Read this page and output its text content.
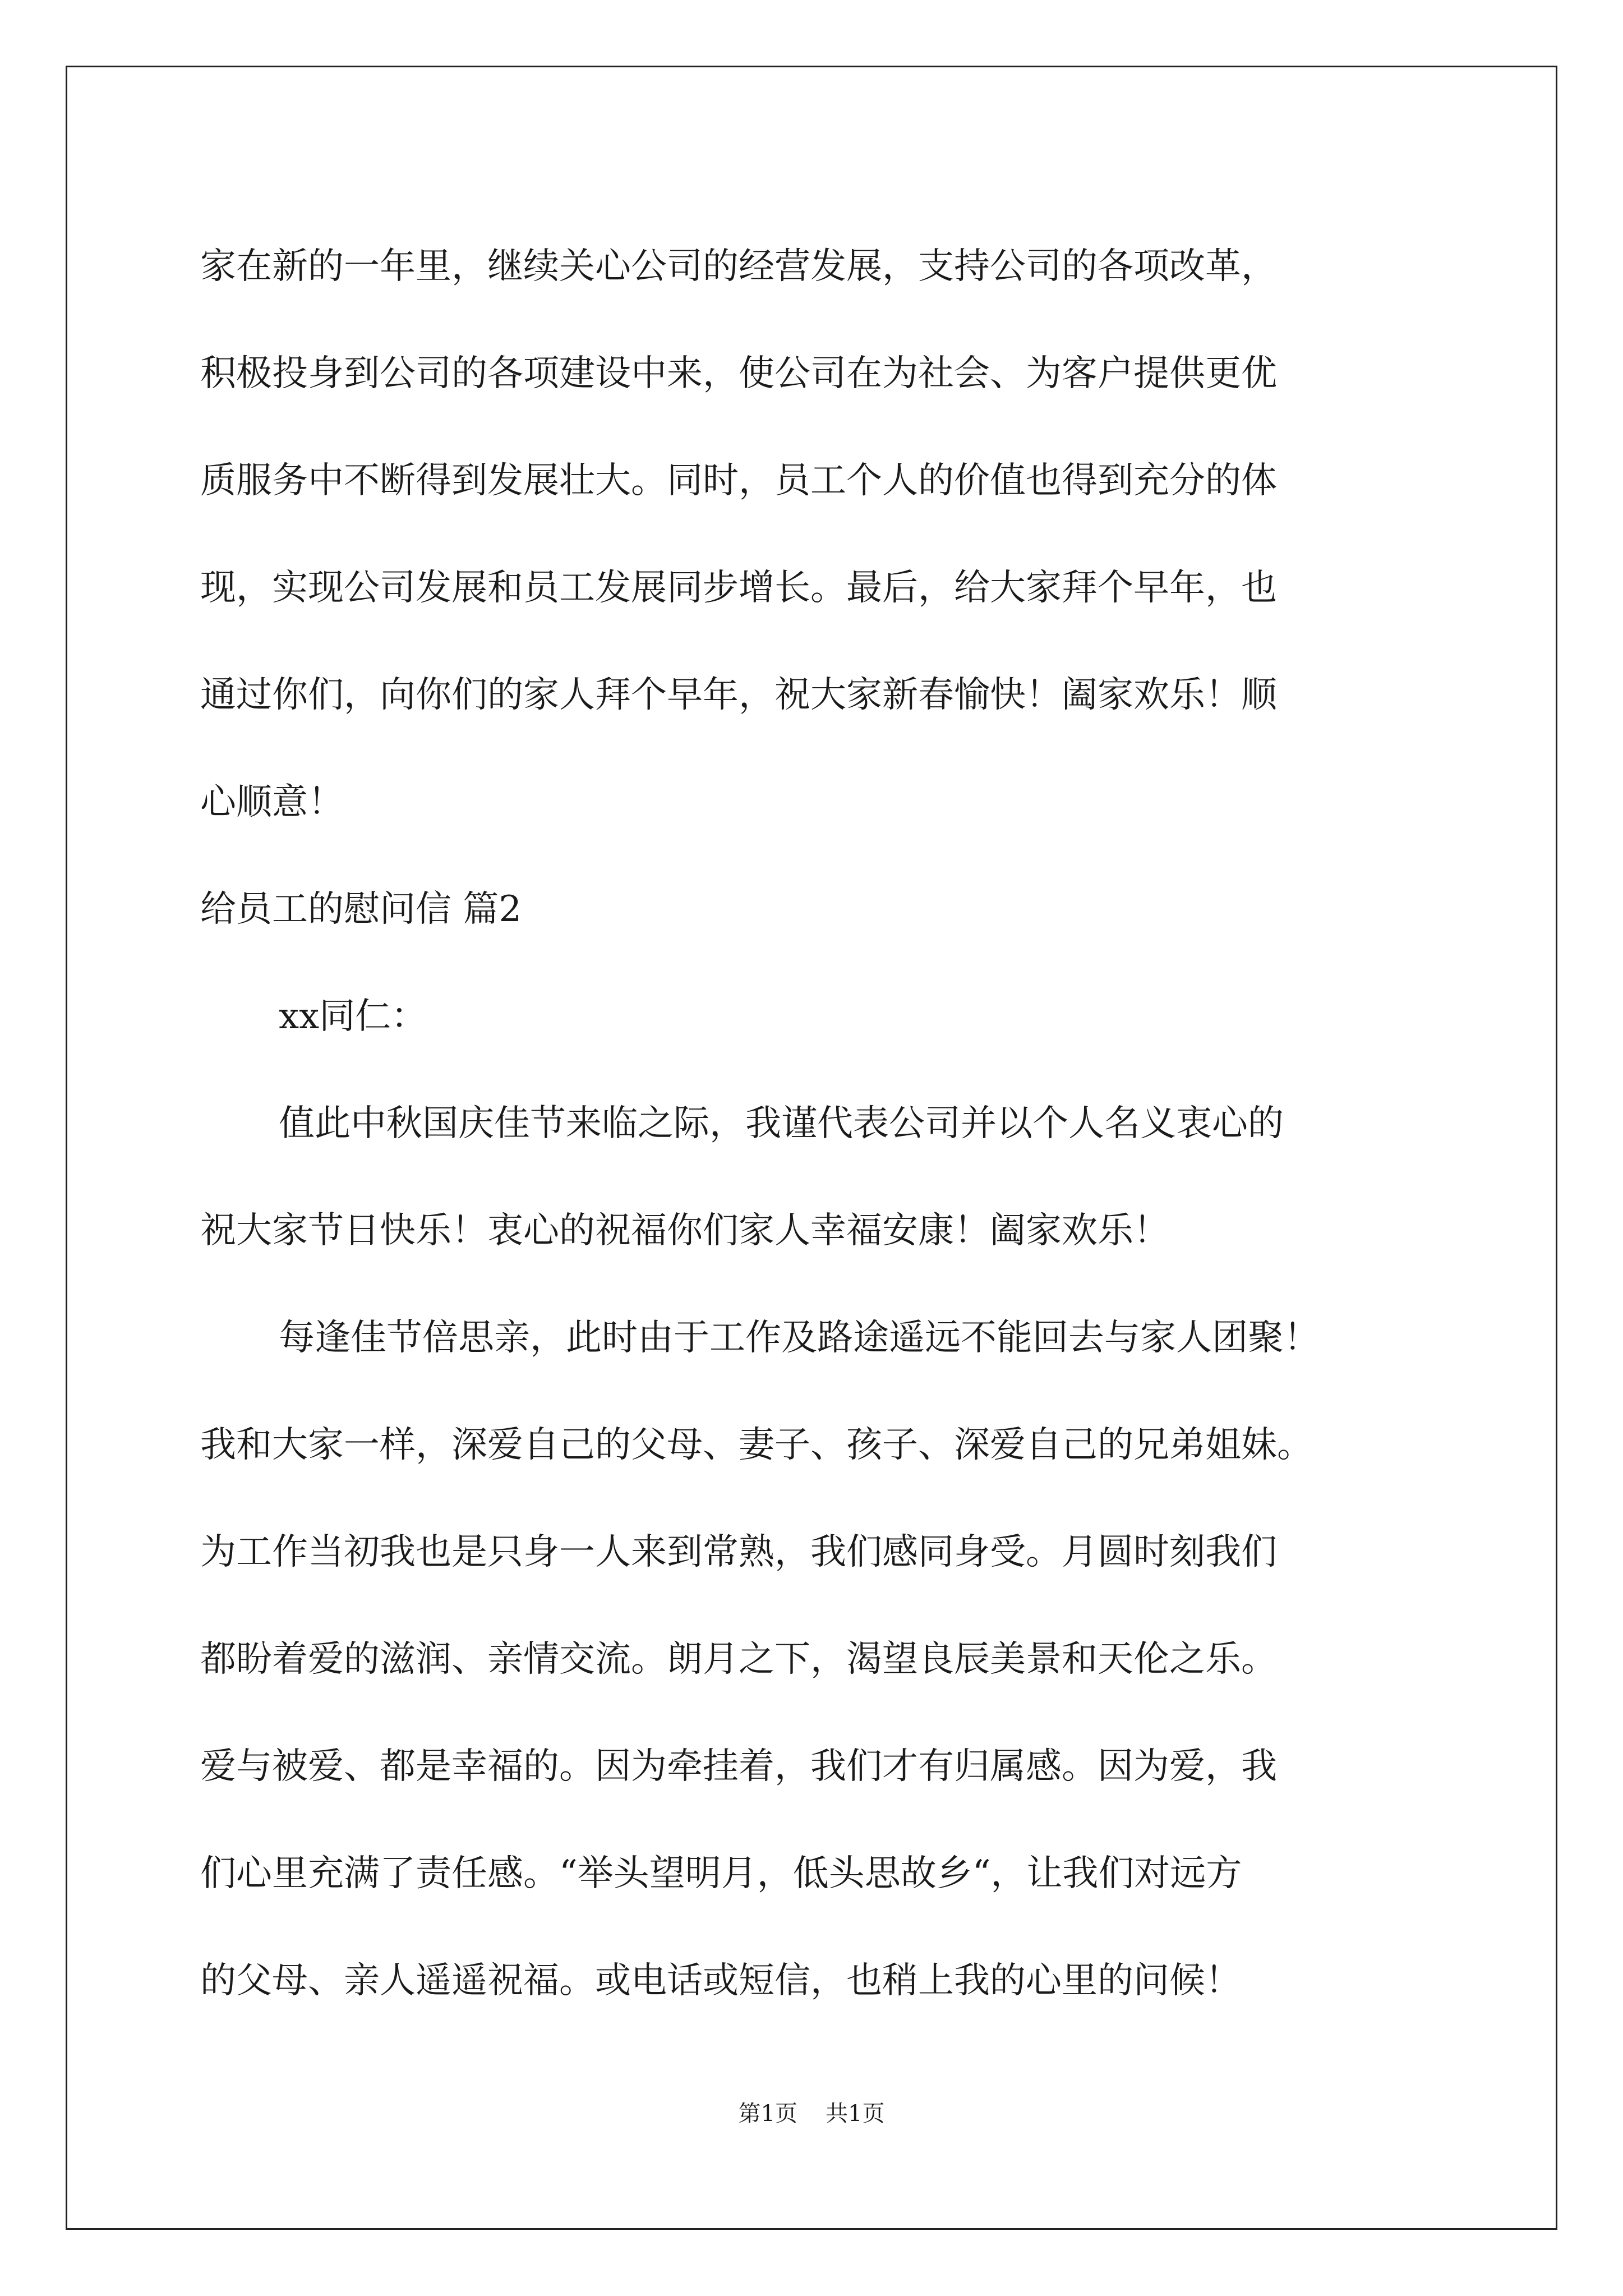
家在新的一年里，继续关心公司的经营发展，支持公司的各项改革，
积极投身到公司的各项建设中来，使公司在为社会、为客户提供更优
质服务中不断得到发展壮大。同时，员工个人的价值也得到充分的体
现，实现公司发展和员工发展同步增长。最后，给大家拜个早年，也
通过你们，向你们的家人拜个早年，祝大家新春愉快！阖家欢乐！顺
心顺意！
给员工的慰问信 篇2
xx同仁：
值此中秋国庆佳节来临之际，我谨代表公司并以个人名义衷心的
祝大家节日快乐！衷心的祝福你们家人幸福安康！阖家欢乐！
每逢佳节倍思亲，此时由于工作及路途遥远不能回去与家人团聚！
我和大家一样，深爱自己的父母、妻子、孩子、深爱自己的兄弟姐妹。
为工作当初我也是只身一人来到常熟，我们感同身受。月圆时刻我们
都盼着爱的滋润、亲情交流。朗月之下，渴望良辰美景和天伦之乐。
爱与被爱、都是幸福的。因为牵挂着，我们才有归属感。因为爱，我
们心里充满了责任感。“举头望明月，低头思故乡“，让我们对远方
的父母、亲人遥遥祝福。或电话或短信，也稍上我的心里的问候！
第1页 共1页
